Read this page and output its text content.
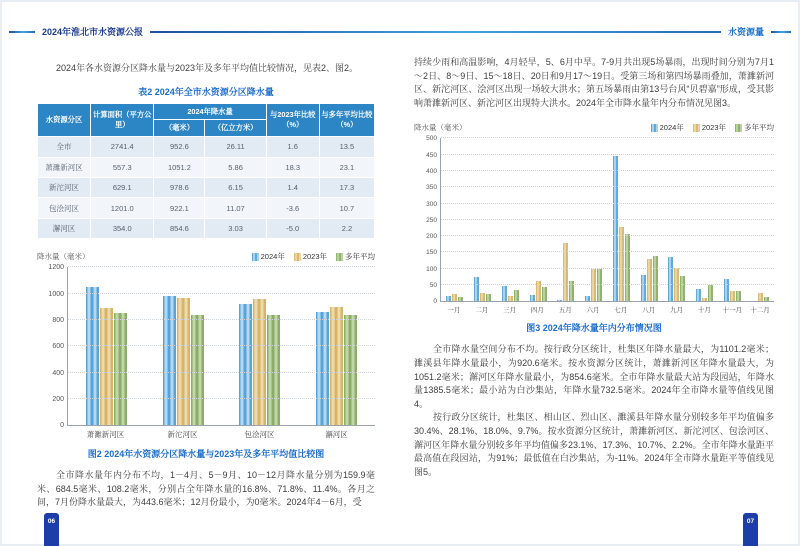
2024年淮北市水资源公报	水资源量

2024年各水资源分区降水量与2023年及多年平均值比较情况，见表2、图2。

表2 2024年全市水资源分区降水量
水资源分区	计算面积（平方公里）	2024年降水量		与2023年比较（%）	与多年平均比较（%）
		（毫米）	（亿立方米）		
全市	2741.4	952.6	26.11	1.6	13.5
萧濉新河区	557.3	1051.2	5.86	18.3	23.1
新沱河区	629.1	978.6	6.15	1.4	17.3
包浍河区	1201.0	922.1	11.07	-3.6	10.7
澥河区	354.0	854.6	3.03	-5.0	2.2
降水量（毫米）	2024年 2023年 多年平均
0
200
400
600
800
1000
1200
萧濉新河区	新沱河区	包浍河区	澥河区
图2 2024年水资源分区降水量与2023年及多年平均值比较图

全市降水量年内分布不均，1－4月、5－9月、10－12月降水量分别为159.9毫米、684.5毫米、108.2毫米，分别占全年降水量的16.8%、71.8%、11.4%。各月之间，7月份降水量最大，为443.6毫米；12月份最小，为0毫米。2024年4－6月，受

持续少雨和高温影响，4月轻旱，5、6月中旱。7-9月共出现5场暴雨，出现时间分别为7月1～2日、8～9日、15～18日、20日和9月17～19日。受第三场和第四场暴雨叠加，萧濉新河区、新沱河区、浍河区出现一场较大洪水；第五场暴雨由第13号台风“贝碧嘉”形成，受其影响萧濉新河区、新沱河区出现特大洪水。2024年全市降水量年内分布情况见图3。

降水量（毫米）	2024年 2023年 多年平均
0
50
100
150
200
250
300
350
400
450
500
一月	二月	三月	四月	五月	六月	七月	八月	九月	十月	十一月	十二月
图3 2024年降水量年内分布情况图

全市降水量空间分布不均。按行政分区统计，杜集区年降水量最大，为1101.2毫米；濉溪县年降水量最小，为920.6毫米。按水资源分区统计，萧濉新河区年降水量最大，为1051.2毫米；澥河区年降水量最小，为854.6毫米。全市年降水量最大站为段园站，年降水量1385.5毫米；最小站为白沙集站，年降水量732.5毫米。2024年全市降水量等值线见图4。

按行政分区统计，杜集区、相山区、烈山区、濉溪县年降水量分别较多年平均值偏多30.4%、28.1%、18.0%、9.7%。按水资源分区统计，萧濉新河区、新沱河区、包浍河区、澥河区年降水量分别较多年平均值偏多23.1%、17.3%、10.7%、2.2%。全市年降水量距平最高值在段园站，为91%；最低值在白沙集站，为-11%。2024年全市降水量距平等值线见图5。

06	07
